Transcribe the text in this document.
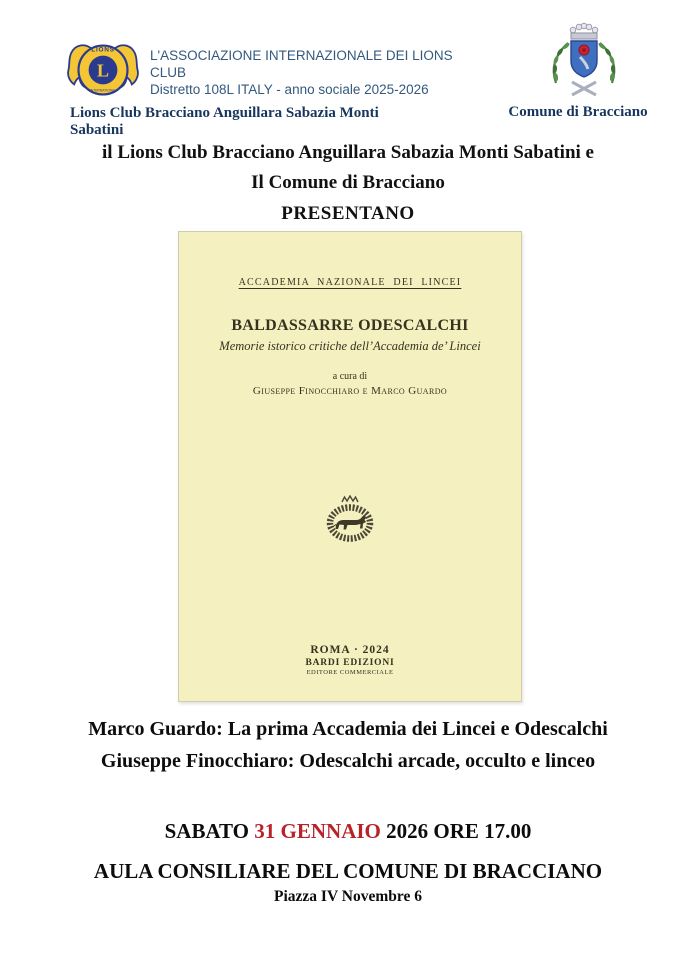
L
LIONS
INTERNATIONAL
L'ASSOCIAZIONE INTERNAZIONALE DEI LIONS CLUB
Distretto 108L ITALY - anno sociale 2025-2026
Lions Club Bracciano Anguillara Sabazia Monti Sabatini
Comune di Bracciano
il Lions Club Bracciano Anguillara Sabazia Monti Sabatini e
Il Comune di Bracciano
PRESENTANO
ACCADEMIA NAZIONALE DEI LINCEI
BALDASSARRE ODESCALCHI
Memorie istorico critiche dell’Accademia de’ Lincei
a cura di
Giuseppe Finocchiaro e Marco Guardo
ROMA · 2024
BARDI EDIZIONI
EDITORE COMMERCIALE
Marco Guardo: La prima Accademia dei Lincei e Odescalchi
Giuseppe Finocchiaro: Odescalchi arcade, occulto e linceo
SABATO 31 GENNAIO 2026 ORE 17.00
AULA CONSILIARE DEL COMUNE DI BRACCIANO
Piazza IV Novembre 6
